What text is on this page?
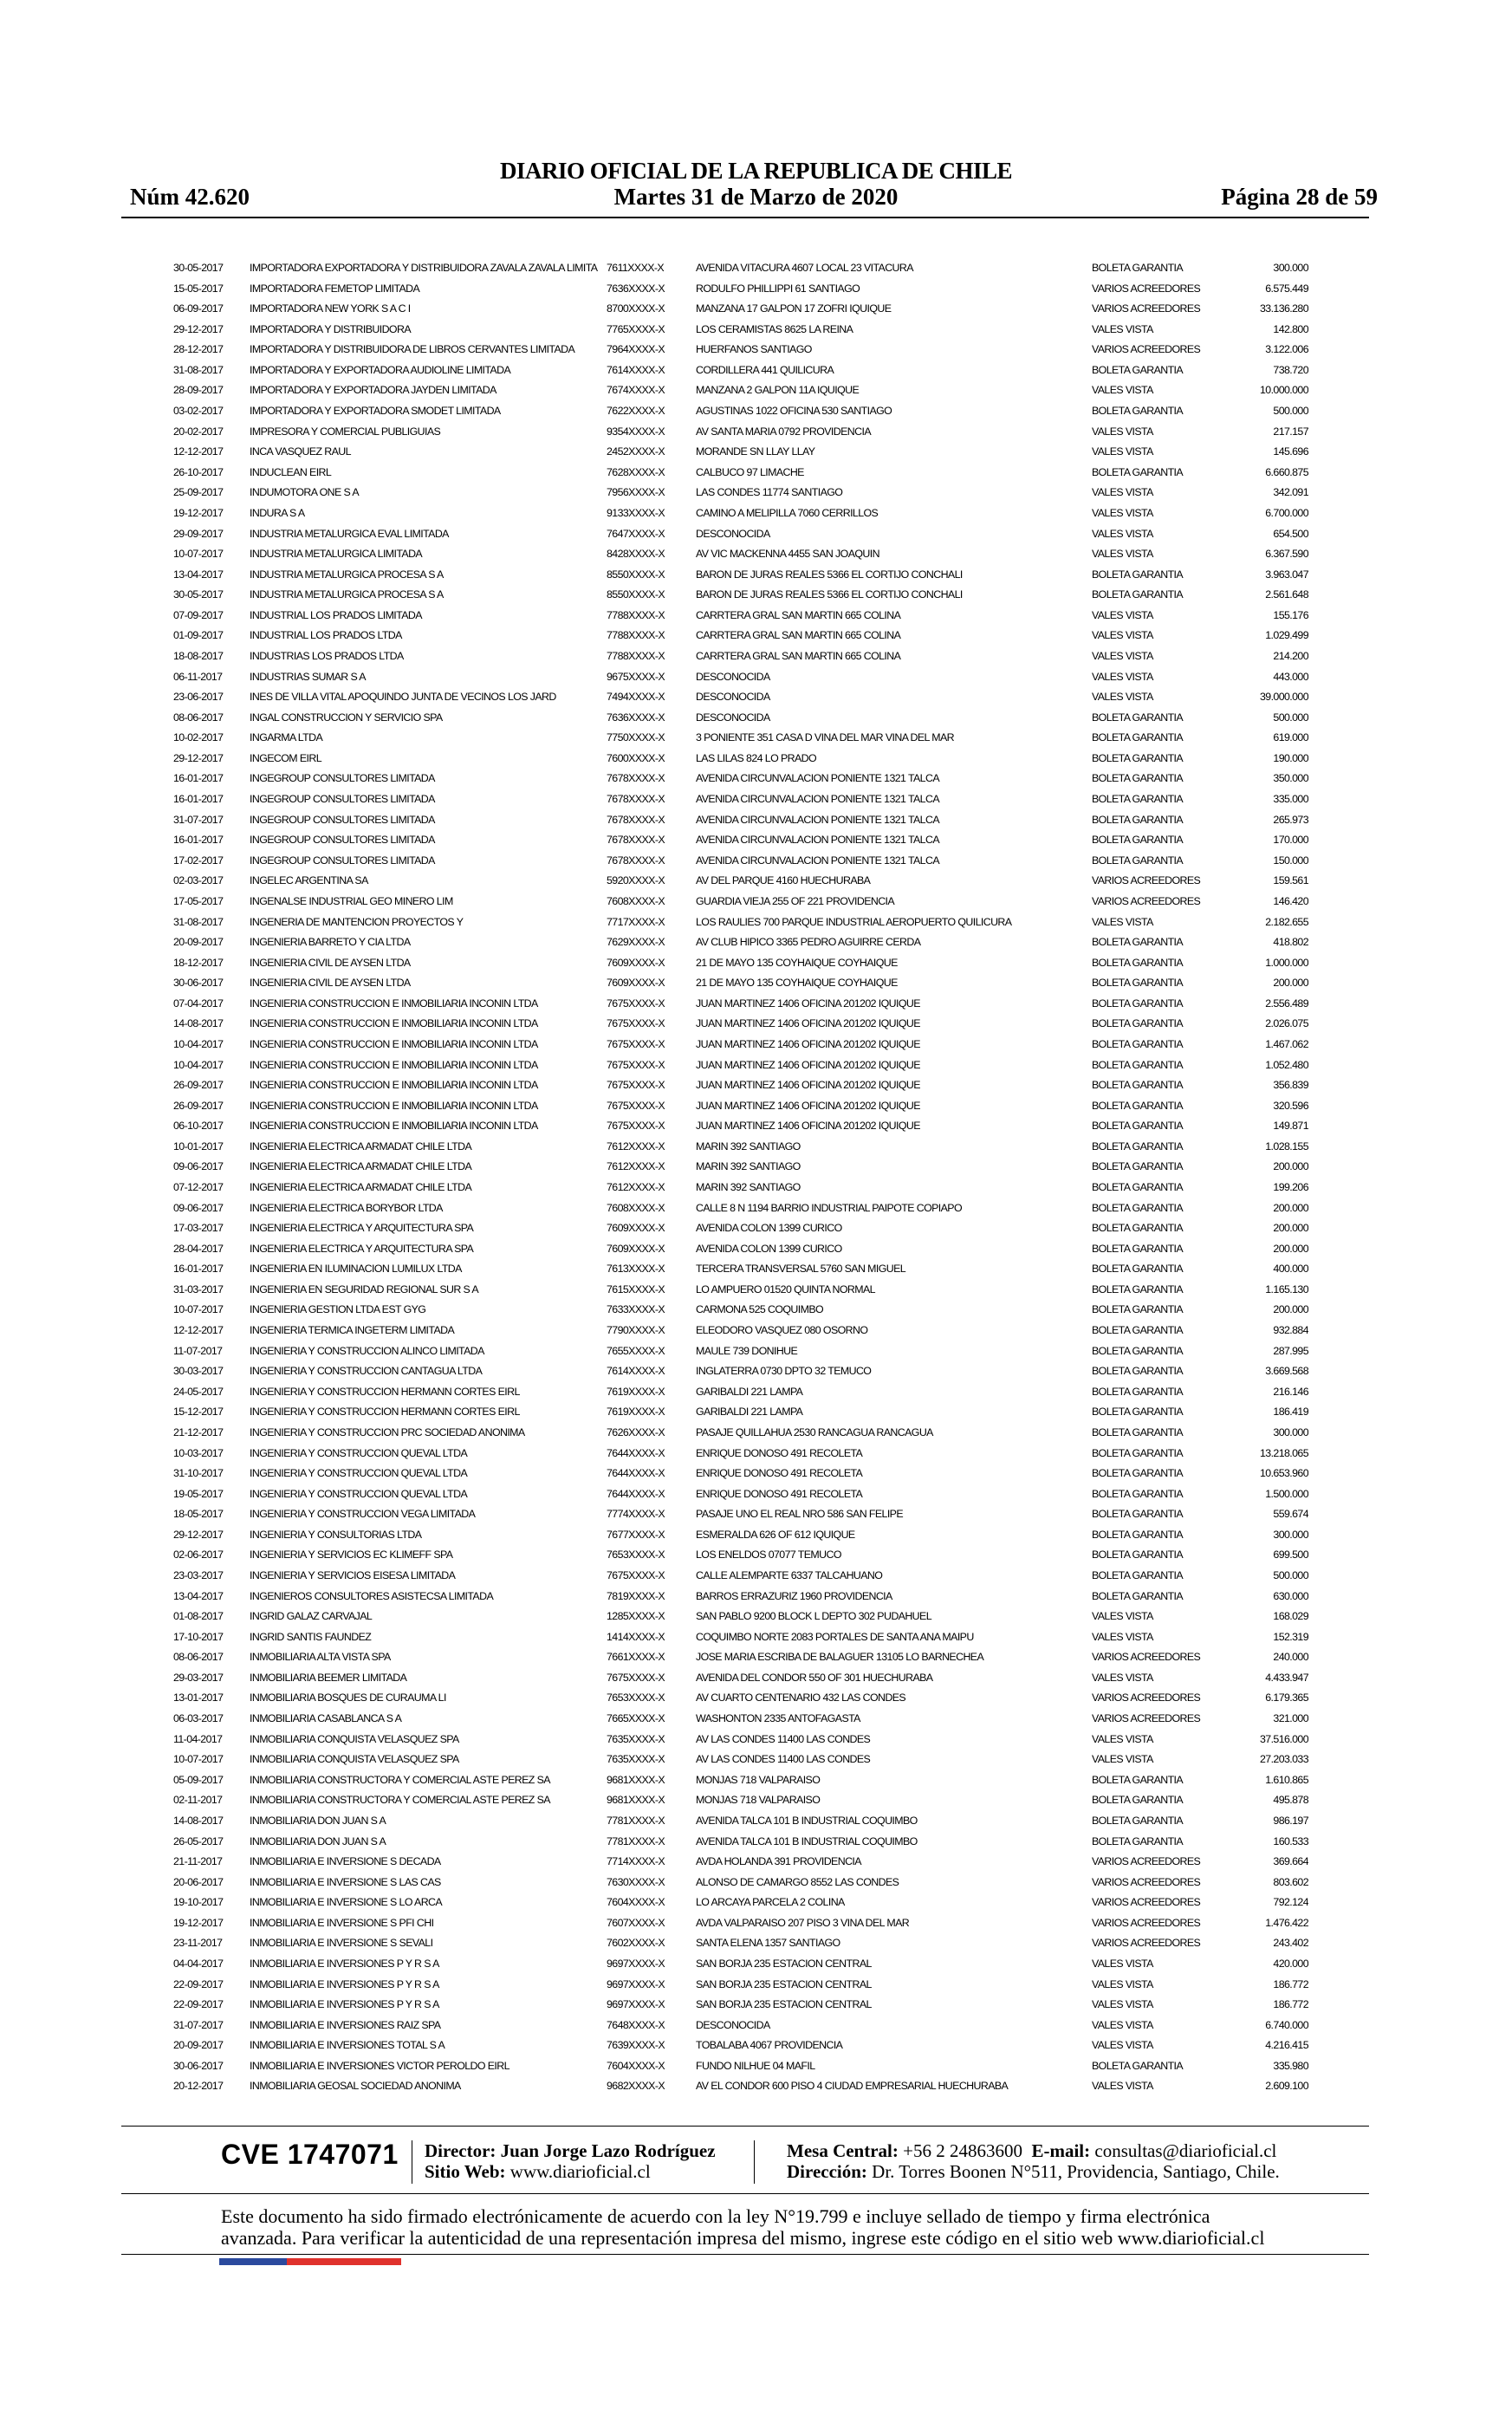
DIARIO OFICIAL DE LA REPUBLICA DE CHILE
Núm 42.620	Martes 31 de Marzo de 2020	Página 28 de 59
30-05-2017	IMPORTADORA EXPORTADORA Y DISTRIBUIDORA ZAVALA ZAVALA LIMITA	7611XXXX-X	AVENIDA VITACURA 4607 LOCAL 23 VITACURA	BOLETA GARANTIA	300.000
15-05-2017	IMPORTADORA FEMETOP LIMITADA	7636XXXX-X	RODULFO PHILLIPPI 61 SANTIAGO	VARIOS ACREEDORES	6.575.449
06-09-2017	IMPORTADORA NEW YORK S A C I	8700XXXX-X	MANZANA 17 GALPON 17 ZOFRI IQUIQUE	VARIOS ACREEDORES	33.136.280
29-12-2017	IMPORTADORA Y DISTRIBUIDORA	7765XXXX-X	LOS CERAMISTAS 8625 LA REINA	VALES VISTA	142.800
28-12-2017	IMPORTADORA Y DISTRIBUIDORA DE LIBROS CERVANTES LIMITADA	7964XXXX-X	HUERFANOS SANTIAGO	VARIOS ACREEDORES	3.122.006
31-08-2017	IMPORTADORA Y EXPORTADORA AUDIOLINE LIMITADA	7614XXXX-X	CORDILLERA 441 QUILICURA	BOLETA GARANTIA	738.720
28-09-2017	IMPORTADORA Y EXPORTADORA JAYDEN LIMITADA	7674XXXX-X	MANZANA 2 GALPON 11A IQUIQUE	VALES VISTA	10.000.000
03-02-2017	IMPORTADORA Y EXPORTADORA SMODET LIMITADA	7622XXXX-X	AGUSTINAS 1022 OFICINA 530 SANTIAGO	BOLETA GARANTIA	500.000
20-02-2017	IMPRESORA Y COMERCIAL PUBLIGUIAS	9354XXXX-X	AV SANTA MARIA 0792 PROVIDENCIA	VALES VISTA	217.157
12-12-2017	INCA VASQUEZ RAUL	2452XXXX-X	MORANDE SN LLAY LLAY	VALES VISTA	145.696
26-10-2017	INDUCLEAN EIRL	7628XXXX-X	CALBUCO 97 LIMACHE	BOLETA GARANTIA	6.660.875
25-09-2017	INDUMOTORA ONE S A	7956XXXX-X	LAS CONDES 11774 SANTIAGO	VALES VISTA	342.091
19-12-2017	INDURA S A	9133XXXX-X	CAMINO A MELIPILLA 7060 CERRILLOS	VALES VISTA	6.700.000
29-09-2017	INDUSTRIA METALURGICA EVAL LIMITADA	7647XXXX-X	DESCONOCIDA	VALES VISTA	654.500
10-07-2017	INDUSTRIA METALURGICA LIMITADA	8428XXXX-X	AV VIC MACKENNA 4455 SAN JOAQUIN	VALES VISTA	6.367.590
13-04-2017	INDUSTRIA METALURGICA PROCESA S A	8550XXXX-X	BARON DE JURAS REALES 5366 EL CORTIJO CONCHALI	BOLETA GARANTIA	3.963.047
30-05-2017	INDUSTRIA METALURGICA PROCESA S A	8550XXXX-X	BARON DE JURAS REALES 5366 EL CORTIJO CONCHALI	BOLETA GARANTIA	2.561.648
07-09-2017	INDUSTRIAL LOS PRADOS LIMITADA	7788XXXX-X	CARRTERA GRAL SAN MARTIN 665 COLINA	VALES VISTA	155.176
01-09-2017	INDUSTRIAL LOS PRADOS LTDA	7788XXXX-X	CARRTERA GRAL SAN MARTIN 665 COLINA	VALES VISTA	1.029.499
18-08-2017	INDUSTRIAS LOS PRADOS LTDA	7788XXXX-X	CARRTERA GRAL SAN MARTIN 665 COLINA	VALES VISTA	214.200
06-11-2017	INDUSTRIAS SUMAR S A	9675XXXX-X	DESCONOCIDA	VALES VISTA	443.000
23-06-2017	INES DE VILLA VITAL APOQUINDO JUNTA DE VECINOS LOS JARD	7494XXXX-X	DESCONOCIDA	VALES VISTA	39.000.000
08-06-2017	INGAL CONSTRUCCION Y SERVICIO SPA	7636XXXX-X	DESCONOCIDA	BOLETA GARANTIA	500.000
10-02-2017	INGARMA LTDA	7750XXXX-X	3 PONIENTE 351 CASA D VINA DEL MAR VINA DEL MAR	BOLETA GARANTIA	619.000
29-12-2017	INGECOM EIRL	7600XXXX-X	LAS LILAS 824 LO PRADO	BOLETA GARANTIA	190.000
16-01-2017	INGEGROUP CONSULTORES LIMITADA	7678XXXX-X	AVENIDA CIRCUNVALACION PONIENTE 1321 TALCA	BOLETA GARANTIA	350.000
16-01-2017	INGEGROUP CONSULTORES LIMITADA	7678XXXX-X	AVENIDA CIRCUNVALACION PONIENTE 1321 TALCA	BOLETA GARANTIA	335.000
31-07-2017	INGEGROUP CONSULTORES LIMITADA	7678XXXX-X	AVENIDA CIRCUNVALACION PONIENTE 1321 TALCA	BOLETA GARANTIA	265.973
16-01-2017	INGEGROUP CONSULTORES LIMITADA	7678XXXX-X	AVENIDA CIRCUNVALACION PONIENTE 1321 TALCA	BOLETA GARANTIA	170.000
17-02-2017	INGEGROUP CONSULTORES LIMITADA	7678XXXX-X	AVENIDA CIRCUNVALACION PONIENTE 1321 TALCA	BOLETA GARANTIA	150.000
02-03-2017	INGELEC ARGENTINA SA	5920XXXX-X	AV DEL PARQUE 4160 HUECHURABA	VARIOS ACREEDORES	159.561
17-05-2017	INGENALSE INDUSTRIAL GEO MINERO LIM	7608XXXX-X	GUARDIA VIEJA 255 OF 221 PROVIDENCIA	VARIOS ACREEDORES	146.420
31-08-2017	INGENERIA DE MANTENCION PROYECTOS Y	7717XXXX-X	LOS RAULIES 700 PARQUE INDUSTRIAL AEROPUERTO QUILICURA	VALES VISTA	2.182.655
20-09-2017	INGENIERIA BARRETO Y CIA LTDA	7629XXXX-X	AV CLUB HIPICO 3365 PEDRO AGUIRRE CERDA	BOLETA GARANTIA	418.802
18-12-2017	INGENIERIA CIVIL DE AYSEN LTDA	7609XXXX-X	21 DE MAYO 135 COYHAIQUE COYHAIQUE	BOLETA GARANTIA	1.000.000
30-06-2017	INGENIERIA CIVIL DE AYSEN LTDA	7609XXXX-X	21 DE MAYO 135 COYHAIQUE COYHAIQUE	BOLETA GARANTIA	200.000
07-04-2017	INGENIERIA CONSTRUCCION E INMOBILIARIA INCONIN LTDA	7675XXXX-X	JUAN MARTINEZ 1406 OFICINA 201202 IQUIQUE	BOLETA GARANTIA	2.556.489
14-08-2017	INGENIERIA CONSTRUCCION E INMOBILIARIA INCONIN LTDA	7675XXXX-X	JUAN MARTINEZ 1406 OFICINA 201202 IQUIQUE	BOLETA GARANTIA	2.026.075
10-04-2017	INGENIERIA CONSTRUCCION E INMOBILIARIA INCONIN LTDA	7675XXXX-X	JUAN MARTINEZ 1406 OFICINA 201202 IQUIQUE	BOLETA GARANTIA	1.467.062
10-04-2017	INGENIERIA CONSTRUCCION E INMOBILIARIA INCONIN LTDA	7675XXXX-X	JUAN MARTINEZ 1406 OFICINA 201202 IQUIQUE	BOLETA GARANTIA	1.052.480
26-09-2017	INGENIERIA CONSTRUCCION E INMOBILIARIA INCONIN LTDA	7675XXXX-X	JUAN MARTINEZ 1406 OFICINA 201202 IQUIQUE	BOLETA GARANTIA	356.839
26-09-2017	INGENIERIA CONSTRUCCION E INMOBILIARIA INCONIN LTDA	7675XXXX-X	JUAN MARTINEZ 1406 OFICINA 201202 IQUIQUE	BOLETA GARANTIA	320.596
06-10-2017	INGENIERIA CONSTRUCCION E INMOBILIARIA INCONIN LTDA	7675XXXX-X	JUAN MARTINEZ 1406 OFICINA 201202 IQUIQUE	BOLETA GARANTIA	149.871
10-01-2017	INGENIERIA ELECTRICA ARMADAT CHILE LTDA	7612XXXX-X	MARIN 392 SANTIAGO	BOLETA GARANTIA	1.028.155
09-06-2017	INGENIERIA ELECTRICA ARMADAT CHILE LTDA	7612XXXX-X	MARIN 392 SANTIAGO	BOLETA GARANTIA	200.000
07-12-2017	INGENIERIA ELECTRICA ARMADAT CHILE LTDA	7612XXXX-X	MARIN 392 SANTIAGO	BOLETA GARANTIA	199.206
09-06-2017	INGENIERIA ELECTRICA BORYBOR LTDA	7608XXXX-X	CALLE 8 N 1194 BARRIO INDUSTRIAL PAIPOTE COPIAPO	BOLETA GARANTIA	200.000
17-03-2017	INGENIERIA ELECTRICA Y ARQUITECTURA SPA	7609XXXX-X	AVENIDA COLON 1399 CURICO	BOLETA GARANTIA	200.000
28-04-2017	INGENIERIA ELECTRICA Y ARQUITECTURA SPA	7609XXXX-X	AVENIDA COLON 1399 CURICO	BOLETA GARANTIA	200.000
16-01-2017	INGENIERIA EN ILUMINACION LUMILUX LTDA	7613XXXX-X	TERCERA TRANSVERSAL 5760 SAN MIGUEL	BOLETA GARANTIA	400.000
31-03-2017	INGENIERIA EN SEGURIDAD REGIONAL SUR S A	7615XXXX-X	LO AMPUERO 01520 QUINTA NORMAL	BOLETA GARANTIA	1.165.130
10-07-2017	INGENIERIA GESTION LTDA EST GYG	7633XXXX-X	CARMONA 525 COQUIMBO	BOLETA GARANTIA	200.000
12-12-2017	INGENIERIA TERMICA INGETERM LIMITADA	7790XXXX-X	ELEODORO VASQUEZ 080 OSORNO	BOLETA GARANTIA	932.884
11-07-2017	INGENIERIA Y CONSTRUCCION ALINCO LIMITADA	7655XXXX-X	MAULE 739 DONIHUE	BOLETA GARANTIA	287.995
30-03-2017	INGENIERIA Y CONSTRUCCION CANTAGUA LTDA	7614XXXX-X	INGLATERRA 0730 DPTO 32 TEMUCO	BOLETA GARANTIA	3.669.568
24-05-2017	INGENIERIA Y CONSTRUCCION HERMANN CORTES EIRL	7619XXXX-X	GARIBALDI 221 LAMPA	BOLETA GARANTIA	216.146
15-12-2017	INGENIERIA Y CONSTRUCCION HERMANN CORTES EIRL	7619XXXX-X	GARIBALDI 221 LAMPA	BOLETA GARANTIA	186.419
21-12-2017	INGENIERIA Y CONSTRUCCION PRC SOCIEDAD ANONIMA	7626XXXX-X	PASAJE QUILLAHUA 2530 RANCAGUA RANCAGUA	BOLETA GARANTIA	300.000
10-03-2017	INGENIERIA Y CONSTRUCCION QUEVAL LTDA	7644XXXX-X	ENRIQUE DONOSO 491 RECOLETA	BOLETA GARANTIA	13.218.065
31-10-2017	INGENIERIA Y CONSTRUCCION QUEVAL LTDA	7644XXXX-X	ENRIQUE DONOSO 491 RECOLETA	BOLETA GARANTIA	10.653.960
19-05-2017	INGENIERIA Y CONSTRUCCION QUEVAL LTDA	7644XXXX-X	ENRIQUE DONOSO 491 RECOLETA	BOLETA GARANTIA	1.500.000
18-05-2017	INGENIERIA Y CONSTRUCCION VEGA LIMITADA	7774XXXX-X	PASAJE UNO EL REAL NRO 586 SAN FELIPE	BOLETA GARANTIA	559.674
29-12-2017	INGENIERIA Y CONSULTORIAS LTDA	7677XXXX-X	ESMERALDA 626 OF 612 IQUIQUE	BOLETA GARANTIA	300.000
02-06-2017	INGENIERIA Y SERVICIOS EC KLIMEFF SPA	7653XXXX-X	LOS ENELDOS 07077 TEMUCO	BOLETA GARANTIA	699.500
23-03-2017	INGENIERIA Y SERVICIOS EISESA LIMITADA	7675XXXX-X	CALLE ALEMPARTE 6337 TALCAHUANO	BOLETA GARANTIA	500.000
13-04-2017	INGENIEROS CONSULTORES ASISTECSA LIMITADA	7819XXXX-X	BARROS ERRAZURIZ 1960 PROVIDENCIA	BOLETA GARANTIA	630.000
01-08-2017	INGRID GALAZ CARVAJAL	1285XXXX-X	SAN PABLO 9200 BLOCK L DEPTO 302 PUDAHUEL	VALES VISTA	168.029
17-10-2017	INGRID SANTIS FAUNDEZ	1414XXXX-X	COQUIMBO NORTE 2083 PORTALES DE SANTA ANA MAIPU	VALES VISTA	152.319
08-06-2017	INMOBILIARIA ALTA VISTA SPA	7661XXXX-X	JOSE MARIA ESCRIBA DE BALAGUER 13105 LO BARNECHEA	VARIOS ACREEDORES	240.000
29-03-2017	INMOBILIARIA BEEMER LIMITADA	7675XXXX-X	AVENIDA DEL CONDOR 550 OF 301 HUECHURABA	VALES VISTA	4.433.947
13-01-2017	INMOBILIARIA BOSQUES DE CURAUMA LI	7653XXXX-X	AV CUARTO CENTENARIO 432 LAS CONDES	VARIOS ACREEDORES	6.179.365
06-03-2017	INMOBILIARIA CASABLANCA S A	7665XXXX-X	WASHONTON 2335 ANTOFAGASTA	VARIOS ACREEDORES	321.000
11-04-2017	INMOBILIARIA CONQUISTA VELASQUEZ SPA	7635XXXX-X	AV LAS CONDES 11400 LAS CONDES	VALES VISTA	37.516.000
10-07-2017	INMOBILIARIA CONQUISTA VELASQUEZ SPA	7635XXXX-X	AV LAS CONDES 11400 LAS CONDES	VALES VISTA	27.203.033
05-09-2017	INMOBILIARIA CONSTRUCTORA Y COMERCIAL ASTE PEREZ SA	9681XXXX-X	MONJAS 718 VALPARAISO	BOLETA GARANTIA	1.610.865
02-11-2017	INMOBILIARIA CONSTRUCTORA Y COMERCIAL ASTE PEREZ SA	9681XXXX-X	MONJAS 718 VALPARAISO	BOLETA GARANTIA	495.878
14-08-2017	INMOBILIARIA DON JUAN S A	7781XXXX-X	AVENIDA TALCA 101 B INDUSTRIAL COQUIMBO	BOLETA GARANTIA	986.197
26-05-2017	INMOBILIARIA DON JUAN S A	7781XXXX-X	AVENIDA TALCA 101 B INDUSTRIAL COQUIMBO	BOLETA GARANTIA	160.533
21-11-2017	INMOBILIARIA E INVERSIONE S DECADA	7714XXXX-X	AVDA HOLANDA 391 PROVIDENCIA	VARIOS ACREEDORES	369.664
20-06-2017	INMOBILIARIA E INVERSIONE S LAS CAS	7630XXXX-X	ALONSO DE CAMARGO 8552 LAS CONDES	VARIOS ACREEDORES	803.602
19-10-2017	INMOBILIARIA E INVERSIONE S LO ARCA	7604XXXX-X	LO ARCAYA PARCELA 2 COLINA	VARIOS ACREEDORES	792.124
19-12-2017	INMOBILIARIA E INVERSIONE S PFI CHI	7607XXXX-X	AVDA VALPARAISO 207 PISO 3 VINA DEL MAR	VARIOS ACREEDORES	1.476.422
23-11-2017	INMOBILIARIA E INVERSIONE S SEVALI	7602XXXX-X	SANTA ELENA 1357 SANTIAGO	VARIOS ACREEDORES	243.402
04-04-2017	INMOBILIARIA E INVERSIONES P Y R S A	9697XXXX-X	SAN BORJA 235 ESTACION CENTRAL	VALES VISTA	420.000
22-09-2017	INMOBILIARIA E INVERSIONES P Y R S A	9697XXXX-X	SAN BORJA 235 ESTACION CENTRAL	VALES VISTA	186.772
22-09-2017	INMOBILIARIA E INVERSIONES P Y R S A	9697XXXX-X	SAN BORJA 235 ESTACION CENTRAL	VALES VISTA	186.772
31-07-2017	INMOBILIARIA E INVERSIONES RAIZ SPA	7648XXXX-X	DESCONOCIDA	VALES VISTA	6.740.000
20-09-2017	INMOBILIARIA E INVERSIONES TOTAL S A	7639XXXX-X	TOBALABA 4067 PROVIDENCIA	VALES VISTA	4.216.415
30-06-2017	INMOBILIARIA E INVERSIONES VICTOR PEROLDO EIRL	7604XXXX-X	FUNDO NILHUE 04 MAFIL	BOLETA GARANTIA	335.980
20-12-2017	INMOBILIARIA GEOSAL SOCIEDAD ANONIMA	9682XXXX-X	AV EL CONDOR 600 PISO 4 CIUDAD EMPRESARIAL HUECHURABA	VALES VISTA	2.609.100
CVE 1747071 Director: Juan Jorge Lazo Rodríguez
Sitio Web: www.diarioficial.cl
Mesa Central: +56 2 24863600 E-mail: consultas@diarioficial.cl
Dirección: Dr. Torres Boonen N°511, Providencia, Santiago, Chile.
Este documento ha sido firmado electrónicamente de acuerdo con la ley N°19.799 e incluye sellado de tiempo y firma electrónica
avanzada. Para verificar la autenticidad de una representación impresa del mismo, ingrese este código en el sitio web www.diarioficial.cl
